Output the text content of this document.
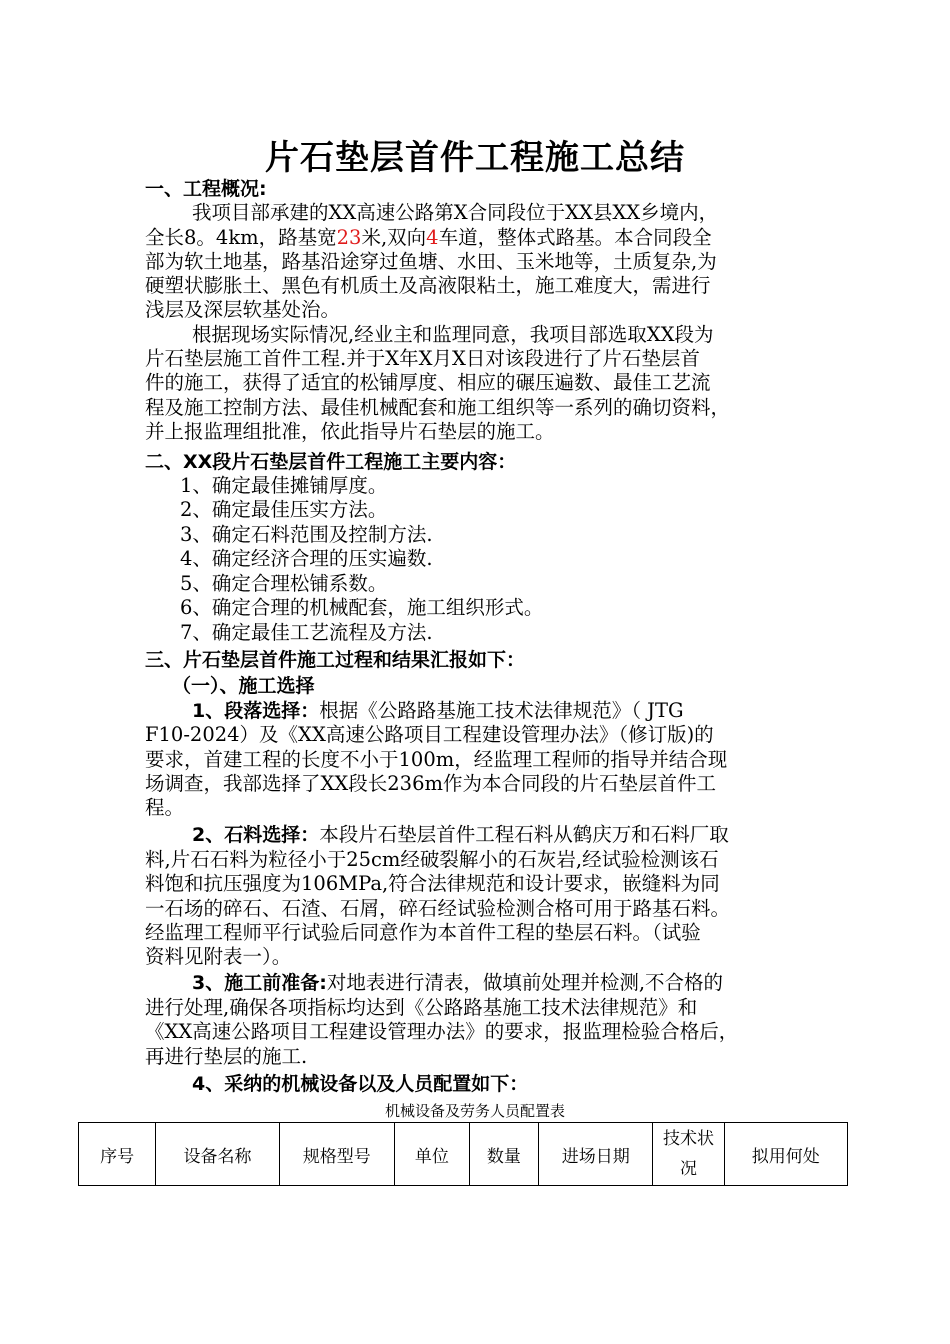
片石垫层首件工程施工总结
一、工程概况:
我项目部承建的XX高速公路第X合同段位于XX县XX乡境内，
全长8。4km，路基宽23米,双向4车道，整体式路基。本合同段全
部为软土地基，路基沿途穿过鱼塘、水田、玉米地等，土质复杂,为
硬塑状膨胀土、黑色有机质土及高液限粘土，施工难度大，需进行
浅层及深层软基处治。
根据现场实际情况,经业主和监理同意，我项目部选取XX段为
片石垫层施工首件工程.并于X年X月X日对该段进行了片石垫层首
件的施工，获得了适宜的松铺厚度、相应的碾压遍数、最佳工艺流
程及施工控制方法、最佳机械配套和施工组织等一系列的确切资料，
并上报监理组批准，依此指导片石垫层的施工。
二、XX段片石垫层首件工程施工主要内容：
1、确定最佳摊铺厚度。
2、确定最佳压实方法。
3、确定石料范围及控制方法.
4、确定经济合理的压实遍数.
5、确定合理松铺系数。
6、确定合理的机械配套，施工组织形式。
7、确定最佳工艺流程及方法.
三、片石垫层首件施工过程和结果汇报如下：
（一）、施工选择
1、段落选择：根据《公路路基施工技术法律规范》（ JTG
F10-2024）及《XX高速公路项目工程建设管理办法》（修订版)的
要求，首建工程的长度不小于100m，经监理工程师的指导并结合现
场调查，我部选择了XX段长236m作为本合同段的片石垫层首件工
程。
2、石料选择：本段片石垫层首件工程石料从鹤庆万和石料厂取
料,片石石料为粒径小于25cm经破裂解小的石灰岩,经试验检测该石
料饱和抗压强度为106MPa,符合法律规范和设计要求，嵌缝料为同
一石场的碎石、石渣、石屑，碎石经试验检测合格可用于路基石料。
经监理工程师平行试验后同意作为本首件工程的垫层石料。（试验
资料见附表一）。
3、施工前准备:对地表进行清表，做填前处理并检测,不合格的
进行处理,确保各项指标均达到《公路路基施工技术法律规范》和
《XX高速公路项目工程建设管理办法》的要求，报监理检验合格后，
再进行垫层的施工.
4、采纳的机械设备以及人员配置如下：
机械设备及劳务人员配置表
序号	设备名称	规格型号	单位	数量	进场日期	技术状况	拟用何处
